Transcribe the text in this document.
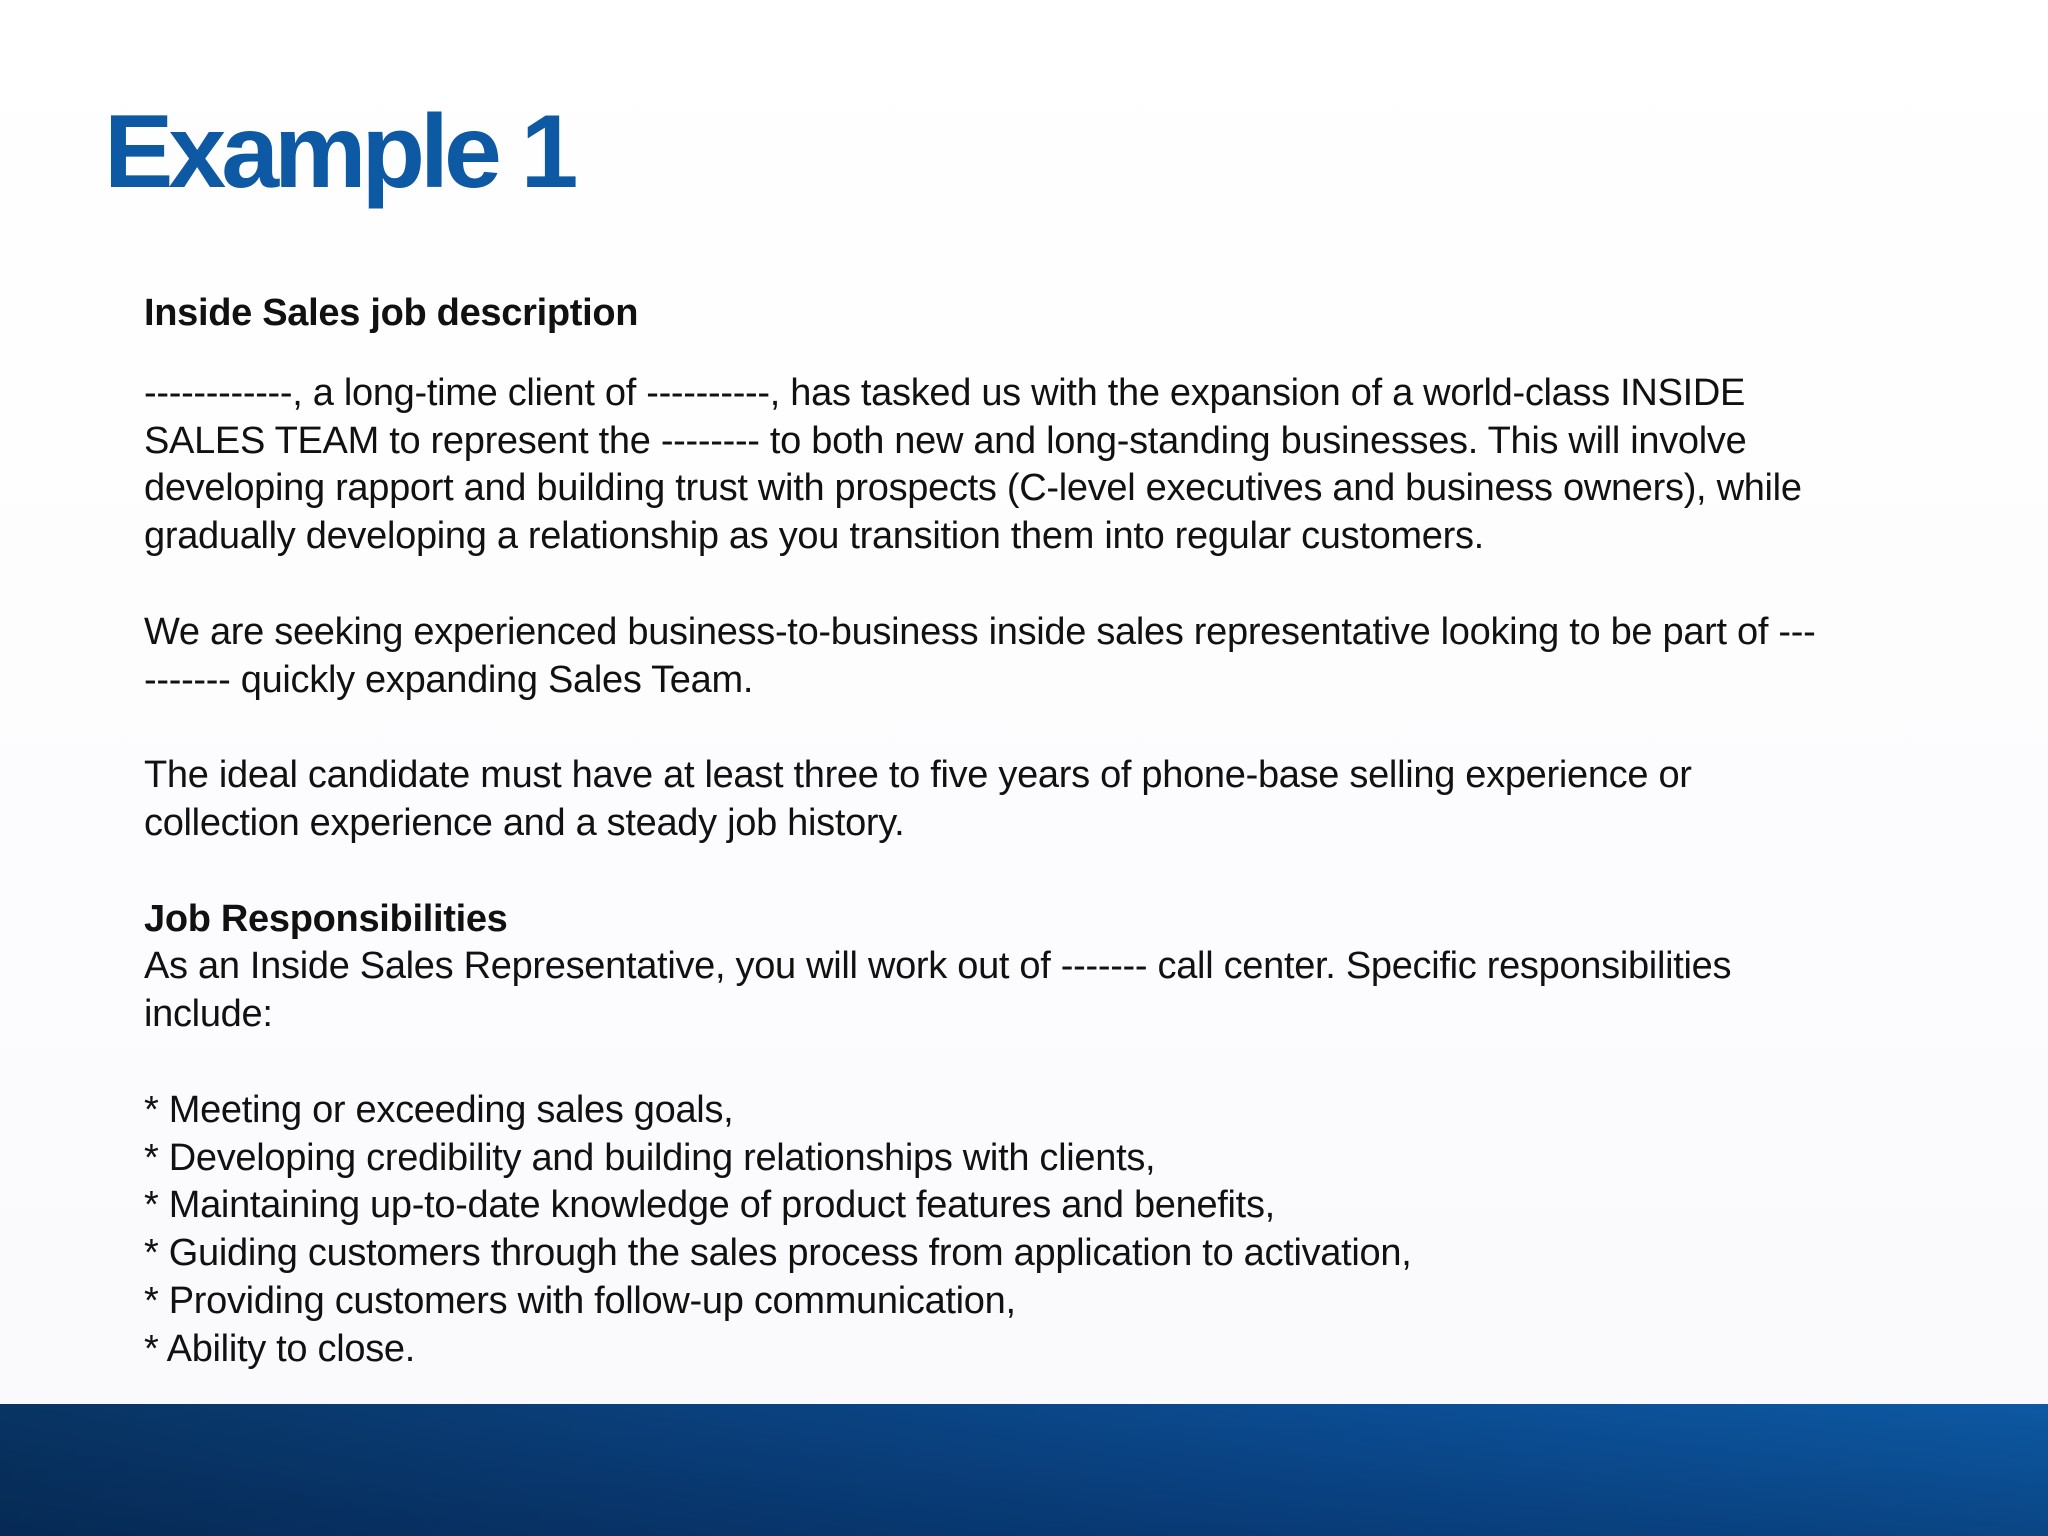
Example 1

Inside Sales job description

------------, a long-time client of ----------, has tasked us with the expansion of a world-class INSIDE

SALES TEAM to represent the -------- to both new and long-standing businesses. This will involve

developing rapport and building trust with prospects (C-level executives and business owners), while

gradually developing a relationship as you transition them into regular customers.

We are seeking experienced business-to-business inside sales representative looking to be part of ---

------- quickly expanding Sales Team.

The ideal candidate must have at least three to five years of phone-base selling experience or

collection experience and a steady job history.

Job Responsibilities

As an Inside Sales Representative, you will work out of ------- call center. Specific responsibilities

include:

* Meeting or exceeding sales goals,
* Developing credibility and building relationships with clients,
* Maintaining up-to-date knowledge of product features and benefits,
* Guiding customers through the sales process from application to activation,
* Providing customers with follow-up communication,
* Ability to close.
